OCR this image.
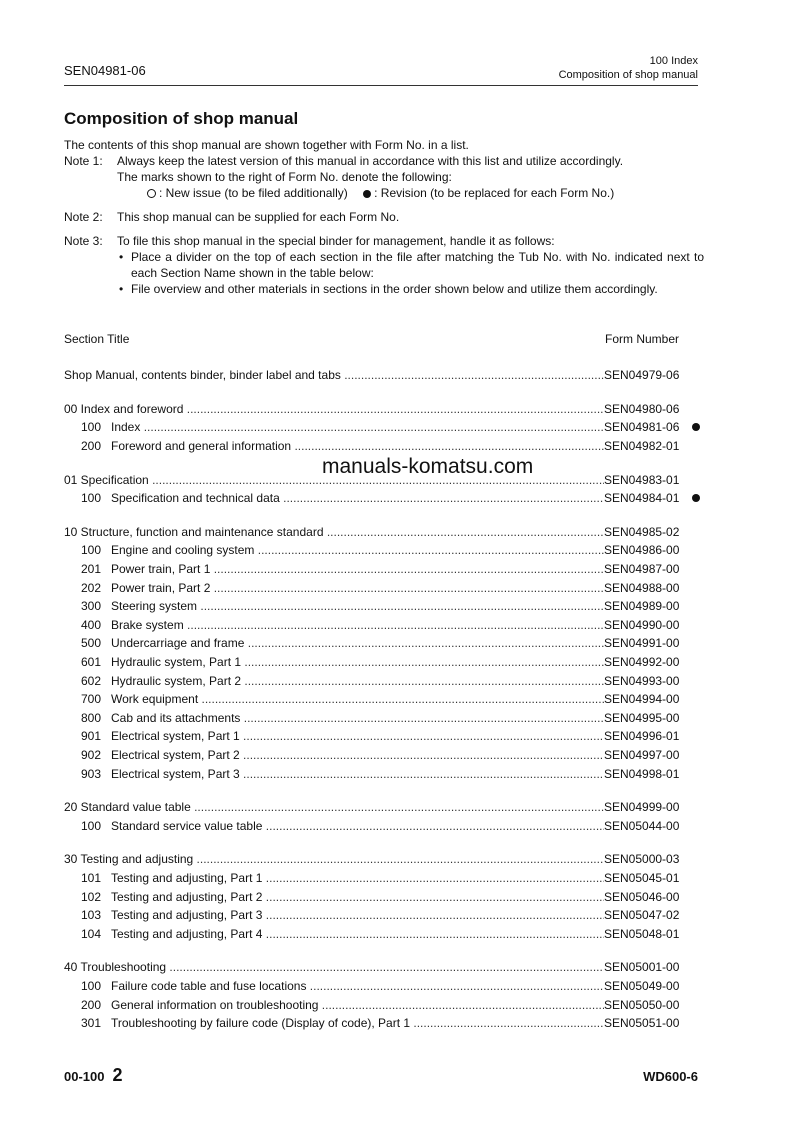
SEN04981-06
100 Index
Composition of shop manual
Composition of shop manual
The contents of this shop manual are shown together with Form No. in a list.
Note 1:	Always keep the latest version of this manual in accordance with this list and utilize accordingly.
The marks shown to the right of Form No. denote the following:
: New issue (to be filed additionally) : Revision (to be replaced for each Form No.)
Note 2:	This shop manual can be supplied for each Form No.
Note 3:	To file this shop manual in the special binder for management, handle it as follows:
• Place a divider on the top of each section in the file after matching the Tub No. with No. indicated next to each Section Name shown in the table below:
• File overview and other materials in sections in the order shown below and utilize them accordingly.
Section Title	Form Number
Shop Manual, contents binder, binder label and tabs .....	SEN04979-06
00 Index and foreword .....	SEN04980-06
100 Index .....	SEN04981-06
200 Foreword and general information .....	SEN04982-01
01 Specification .....	SEN04983-01
100 Specification and technical data .....	SEN04984-01
10 Structure, function and maintenance standard .....	SEN04985-02
100 Engine and cooling system .....	SEN04986-00
201 Power train, Part 1 .....	SEN04987-00
202 Power train, Part 2 .....	SEN04988-00
300 Steering system .....	SEN04989-00
400 Brake system .....	SEN04990-00
500 Undercarriage and frame .....	SEN04991-00
601 Hydraulic system, Part 1 .....	SEN04992-00
602 Hydraulic system, Part 2 .....	SEN04993-00
700 Work equipment .....	SEN04994-00
800 Cab and its attachments .....	SEN04995-00
901 Electrical system, Part 1 .....	SEN04996-01
902 Electrical system, Part 2 .....	SEN04997-00
903 Electrical system, Part 3 .....	SEN04998-01
20 Standard value table .....	SEN04999-00
100 Standard service value table .....	SEN05044-00
30 Testing and adjusting .....	SEN05000-03
101 Testing and adjusting, Part 1 .....	SEN05045-01
102 Testing and adjusting, Part 2 .....	SEN05046-00
103 Testing and adjusting, Part 3 .....	SEN05047-02
104 Testing and adjusting, Part 4 .....	SEN05048-01
40 Troubleshooting .....	SEN05001-00
100 Failure code table and fuse locations .....	SEN05049-00
200 General information on troubleshooting .....	SEN05050-00
301 Troubleshooting by failure code (Display of code), Part 1 .....	SEN05051-00
manuals-komatsu.com
00-100 2	WD600-6
